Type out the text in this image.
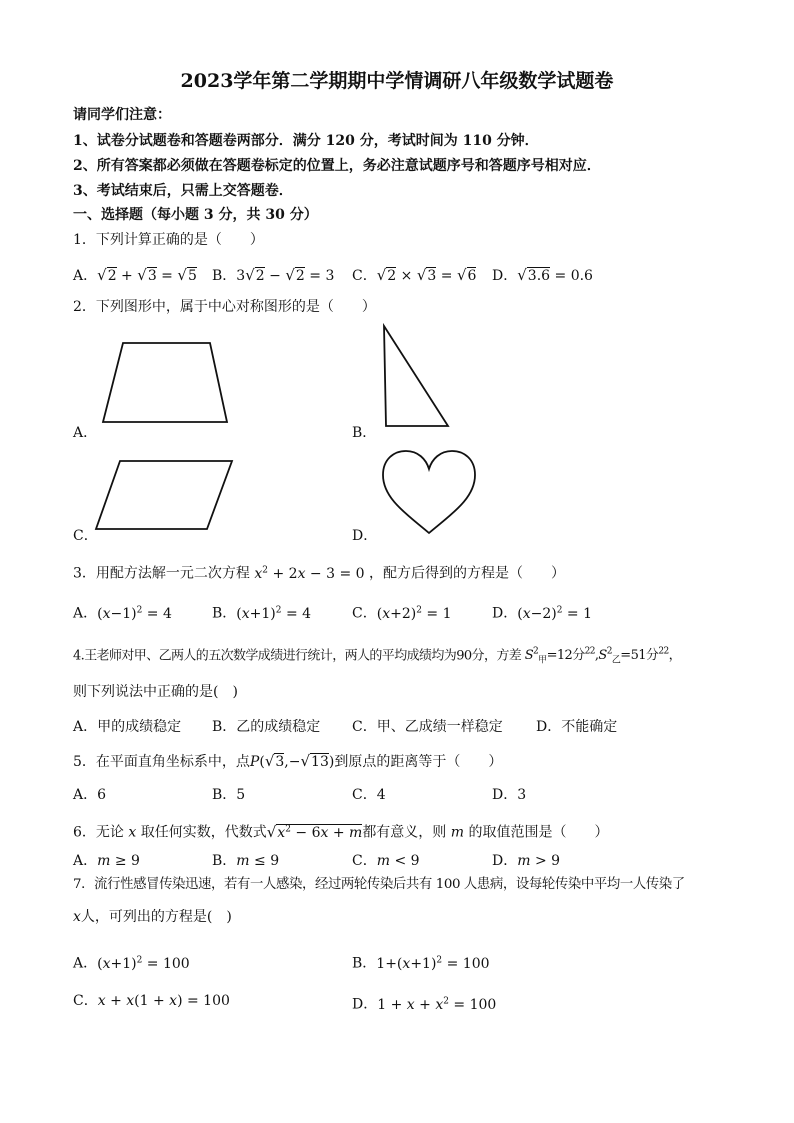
2023学年第二学期期中学情调研八年级数学试题卷
请同学们注意：
1、试卷分试题卷和答题卷两部分．满分 120 分，考试时间为 110 分钟．
2、所有答案都必须做在答题卷标定的位置上，务必注意试题序号和答题序号相对应．
3、考试结束后，只需上交答题卷．
一、选择题（每小题 3 分，共 30 分）
1．下列计算正确的是（　　）
A．√2 + √3 = √5 B．3√2 − √2 = 3 C．√2 × √3 = √6 D．√3.6 = 0.6
2．下列图形中，属于中心对称图形的是（　　）
A．	B．
C．	D．
3．用配方法解一元二次方程 $x^2 + 2x - 3 = 0$ ，配方后得到的方程是（　　）
A．$(x-1)^2 = 4$	B．$(x+1)^2 = 4$	C．$(x+2)^2 = 1$	D．$(x-2)^2 = 1$
4.王老师对甲、乙两人的五次数学成绩进行统计，两人的平均成绩均为90分，方差 $S^2_甲=12$分$^{22},S^2_乙=51$分$^{22}$，
则下列说法中正确的是(　)
A．甲的成绩稳定 B．乙的成绩稳定 C．甲、乙成绩一样稳定 D．不能确定
5．在平面直角坐标系中，点P(√3,−√13)到原点的距离等于（　　）
A．6	B．5	C．4	D．3
6．无论 x 取任何实数，代数式$√x^2 - 6x + m$都有意义，则 m 的取值范围是（　　）
A．m ≥ 9	B．m ≤ 9	C．m < 9	D．m > 9
7．流行性感冒传染迅速，若有一人感染，经过两轮传染后共有 100 人患病，设每轮传染中平均一人传染了
x人，可列出的方程是(　)
A．$(x+1)^2 = 100$	B．$1+(x+1)^2 = 100$
C．x + x(1 + x) = 100	D．$1 + x + x^2 = 100$
